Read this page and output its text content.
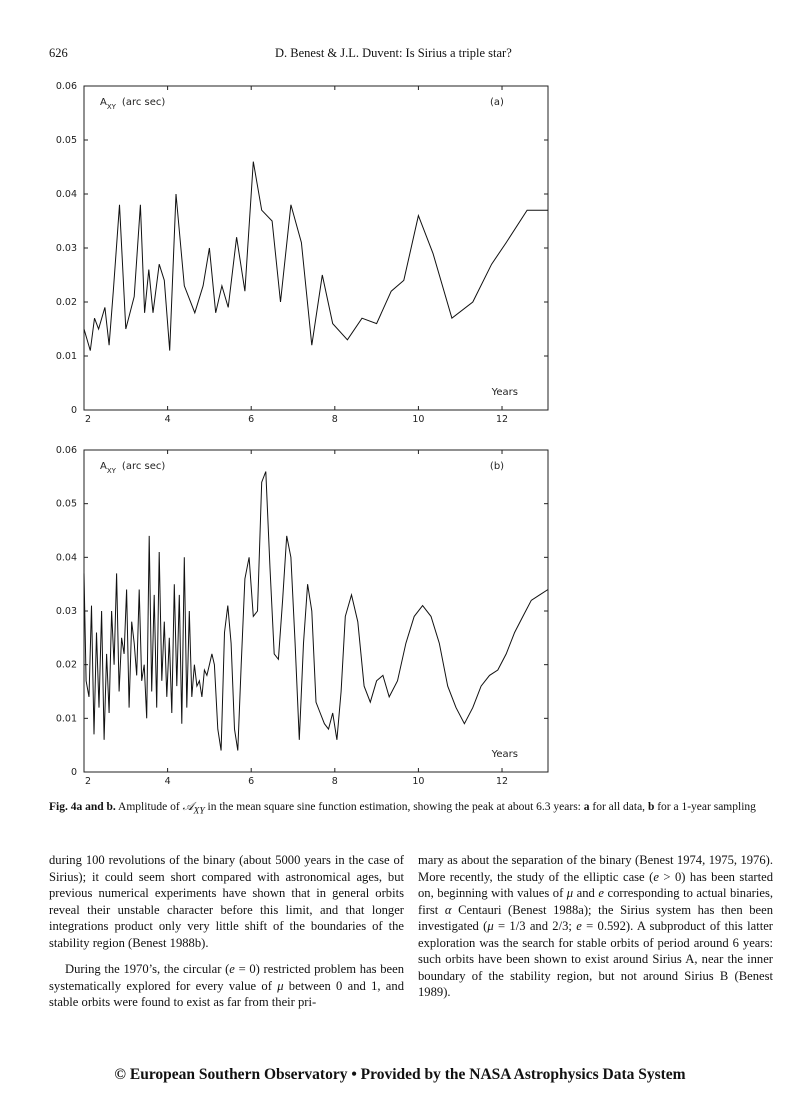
626	D. Benest & J.L. Duvent: Is Sirius a triple star?
0
0.01
0.02
0.03
0.04
0.05
0.06
2	4	6	8	10	12
$A_{XY}$ (arc sec)	(a)
Years
0
0.01
0.02
0.03
0.04
0.05
0.06
2	4	6	8	10	12
$A_{XY}$ (arc sec)	(b)
Years
Fig. 4a and b. Amplitude of 𝒜$_{XY}$ in the mean square sine function estimation, showing the peak at about 6.3 years: a for all data, b for a 1-year sampling

during 100 revolutions of the binary (about 5000 years in the case of Sirius); it could seem short compared with astronomical ages, but previous numerical experiments have shown that in general orbits reveal their unstable character before this limit, and that longer integrations product only very little shift of the boundaries of the stability region (Benest 1988b).

During the 1970’s, the circular (e = 0) restricted problem has been systematically explored for every value of μ between 0 and 1, and stable orbits were found to exist as far from their pri-

mary as about the separation of the binary (Benest 1974, 1975, 1976). More recently, the study of the elliptic case (e > 0) has been started on, beginning with values of μ and e corresponding to actual binaries, first α Centauri (Benest 1988a); the Sirius system has then been investigated (μ = 1/3 and 2/3; e = 0.592). A subproduct of this latter exploration was the search for stable orbits of period around 6 years: such orbits have been shown to exist around Sirius A, near the inner boundary of the stability region, but not around Sirius B (Benest 1989).

© European Southern Observatory • Provided by the NASA Astrophysics Data System
